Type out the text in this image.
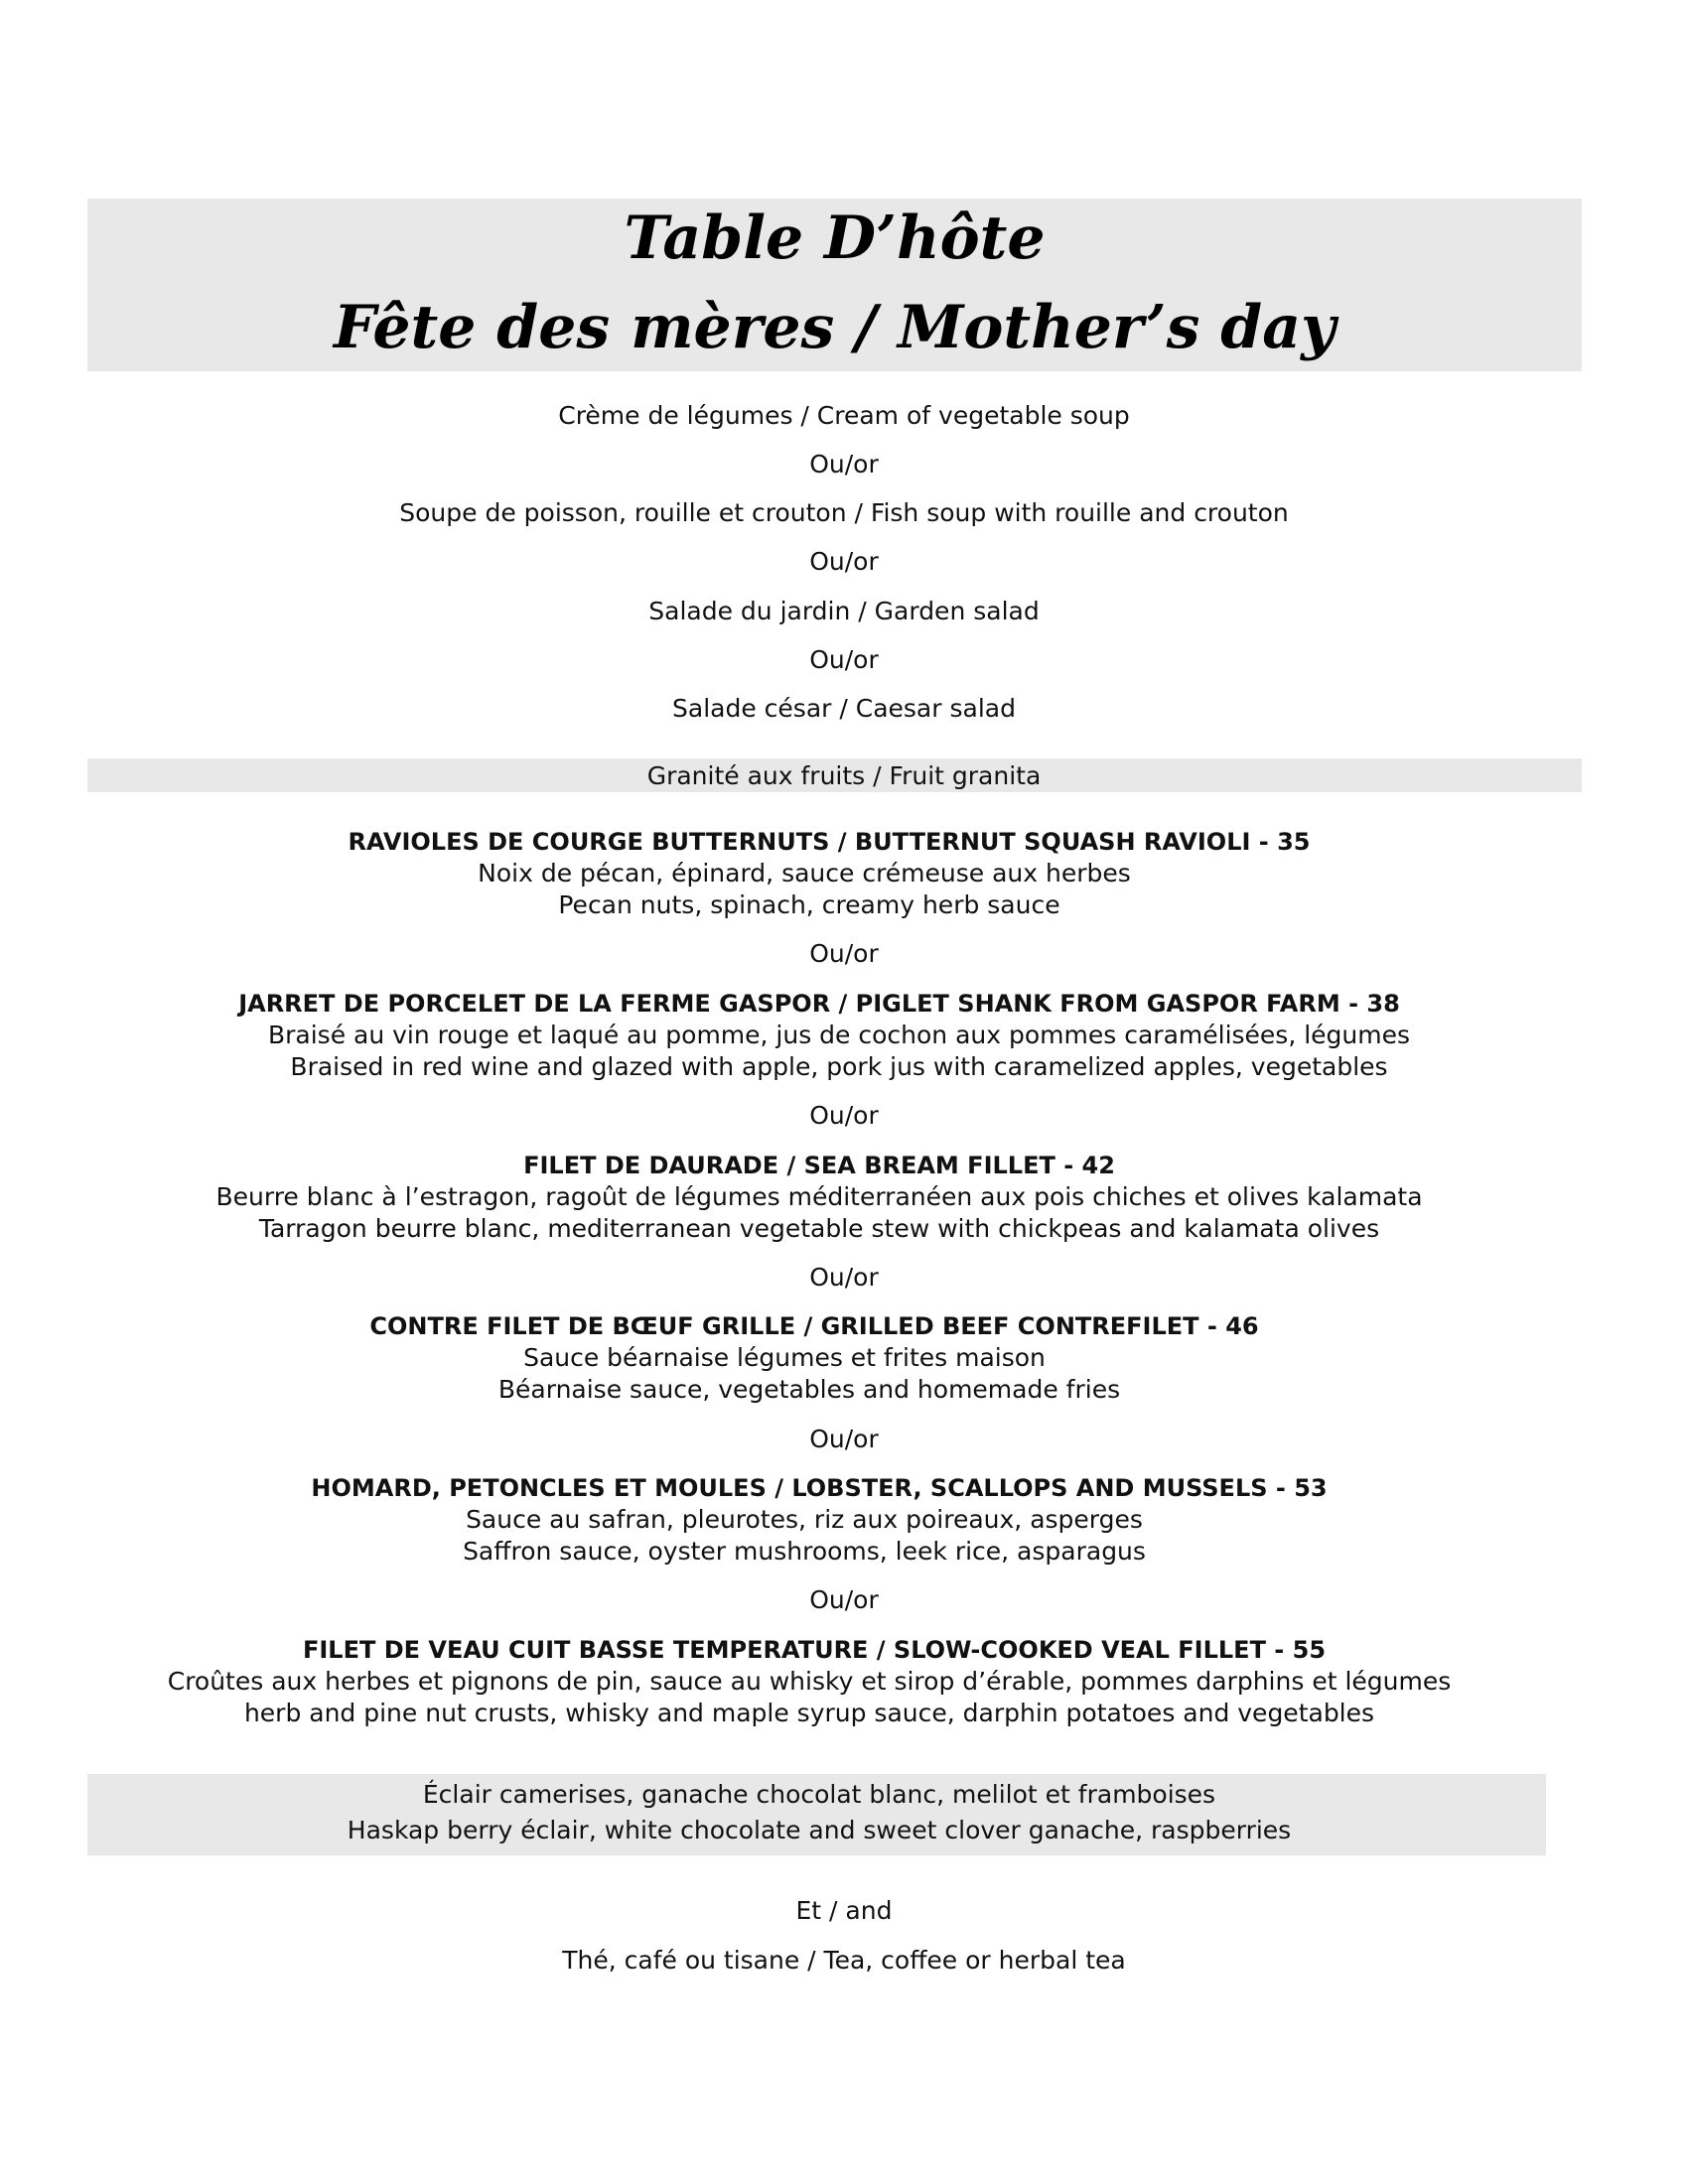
Table D’hôte
Fête des mères / Mother’s day
Crème de légumes / Cream of vegetable soup
Ou/or
Soupe de poisson, rouille et crouton / Fish soup with rouille and crouton
Ou/or
Salade du jardin / Garden salad
Ou/or
Salade césar / Caesar salad
Granité aux fruits / Fruit granita
RAVIOLES DE COURGE BUTTERNUTS / BUTTERNUT SQUASH RAVIOLI - 35
Noix de pécan, épinard, sauce crémeuse aux herbes
Pecan nuts, spinach, creamy herb sauce
Ou/or
JARRET DE PORCELET DE LA FERME GASPOR / PIGLET SHANK FROM GASPOR FARM - 38
Braisé au vin rouge et laqué au pomme, jus de cochon aux pommes caramélisées, légumes
Braised in red wine and glazed with apple, pork jus with caramelized apples, vegetables
Ou/or
FILET DE DAURADE / SEA BREAM FILLET - 42
Beurre blanc à l’estragon, ragoût de légumes méditerranéen aux pois chiches et olives kalamata
Tarragon beurre blanc, mediterranean vegetable stew with chickpeas and kalamata olives
Ou/or
CONTRE FILET DE BŒUF GRILLE / GRILLED BEEF CONTREFILET - 46
Sauce béarnaise légumes et frites maison
Béarnaise sauce, vegetables and homemade fries
Ou/or
HOMARD, PETONCLES ET MOULES / LOBSTER, SCALLOPS AND MUSSELS - 53
Sauce au safran, pleurotes, riz aux poireaux, asperges
Saffron sauce, oyster mushrooms, leek rice, asparagus
Ou/or
FILET DE VEAU CUIT BASSE TEMPERATURE / SLOW-COOKED VEAL FILLET - 55
Croûtes aux herbes et pignons de pin, sauce au whisky et sirop d’érable, pommes darphins et légumes
herb and pine nut crusts, whisky and maple syrup sauce, darphin potatoes and vegetables
Éclair camerises, ganache chocolat blanc, melilot et framboises
Haskap berry éclair, white chocolate and sweet clover ganache, raspberries
Et / and
Thé, café ou tisane / Tea, coffee or herbal tea
